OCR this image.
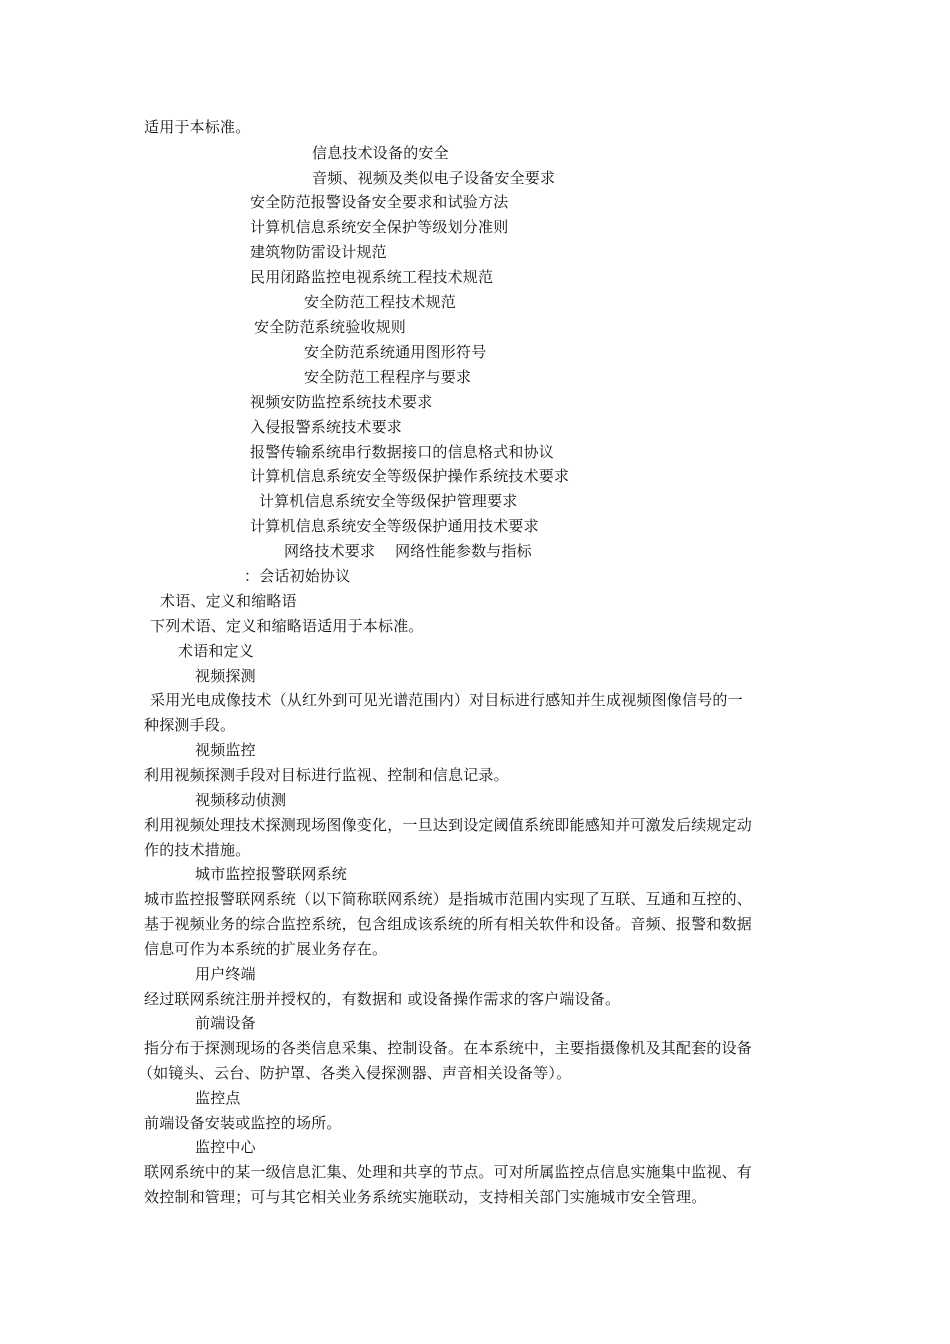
适用于本标准。
信息技术设备的安全
音频、视频及类似电子设备安全要求
安全防范报警设备安全要求和试验方法
计算机信息系统安全保护等级划分准则
建筑物防雷设计规范
民用闭路监控电视系统工程技术规范
安全防范工程技术规范
安全防范系统验收规则
安全防范系统通用图形符号
安全防范工程程序与要求
视频安防监控系统技术要求
入侵报警系统技术要求
报警传输系统串行数据接口的信息格式和协议
计算机信息系统安全等级保护操作系统技术要求
计算机信息系统安全等级保护管理要求
计算机信息系统安全等级保护通用技术要求
网络技术要求    网络性能参数与指标
：会话初始协议
术语、定义和缩略语
下列术语、定义和缩略语适用于本标准。
术语和定义
视频探测
采用光电成像技术（从红外到可见光谱范围内）对目标进行感知并生成视频图像信号的一
种探测手段。
视频监控
利用视频探测手段对目标进行监视、控制和信息记录。
视频移动侦测
利用视频处理技术探测现场图像变化，一旦达到设定阈值系统即能感知并可激发后续规定动
作的技术措施。
城市监控报警联网系统
城市监控报警联网系统（以下简称联网系统）是指城市范围内实现了互联、互通和互控的、
基于视频业务的综合监控系统，包含组成该系统的所有相关软件和设备。音频、报警和数据
信息可作为本系统的扩展业务存在。
用户终端
经过联网系统注册并授权的，有数据和 或设备操作需求的客户端设备。
前端设备
指分布于探测现场的各类信息采集、控制设备。在本系统中，主要指摄像机及其配套的设备
（如镜头、云台、防护罩、各类入侵探测器、声音相关设备等）。
监控点
前端设备安装或监控的场所。
监控中心
联网系统中的某一级信息汇集、处理和共享的节点。可对所属监控点信息实施集中监视、有
效控制和管理；可与其它相关业务系统实施联动，支持相关部门实施城市安全管理。
